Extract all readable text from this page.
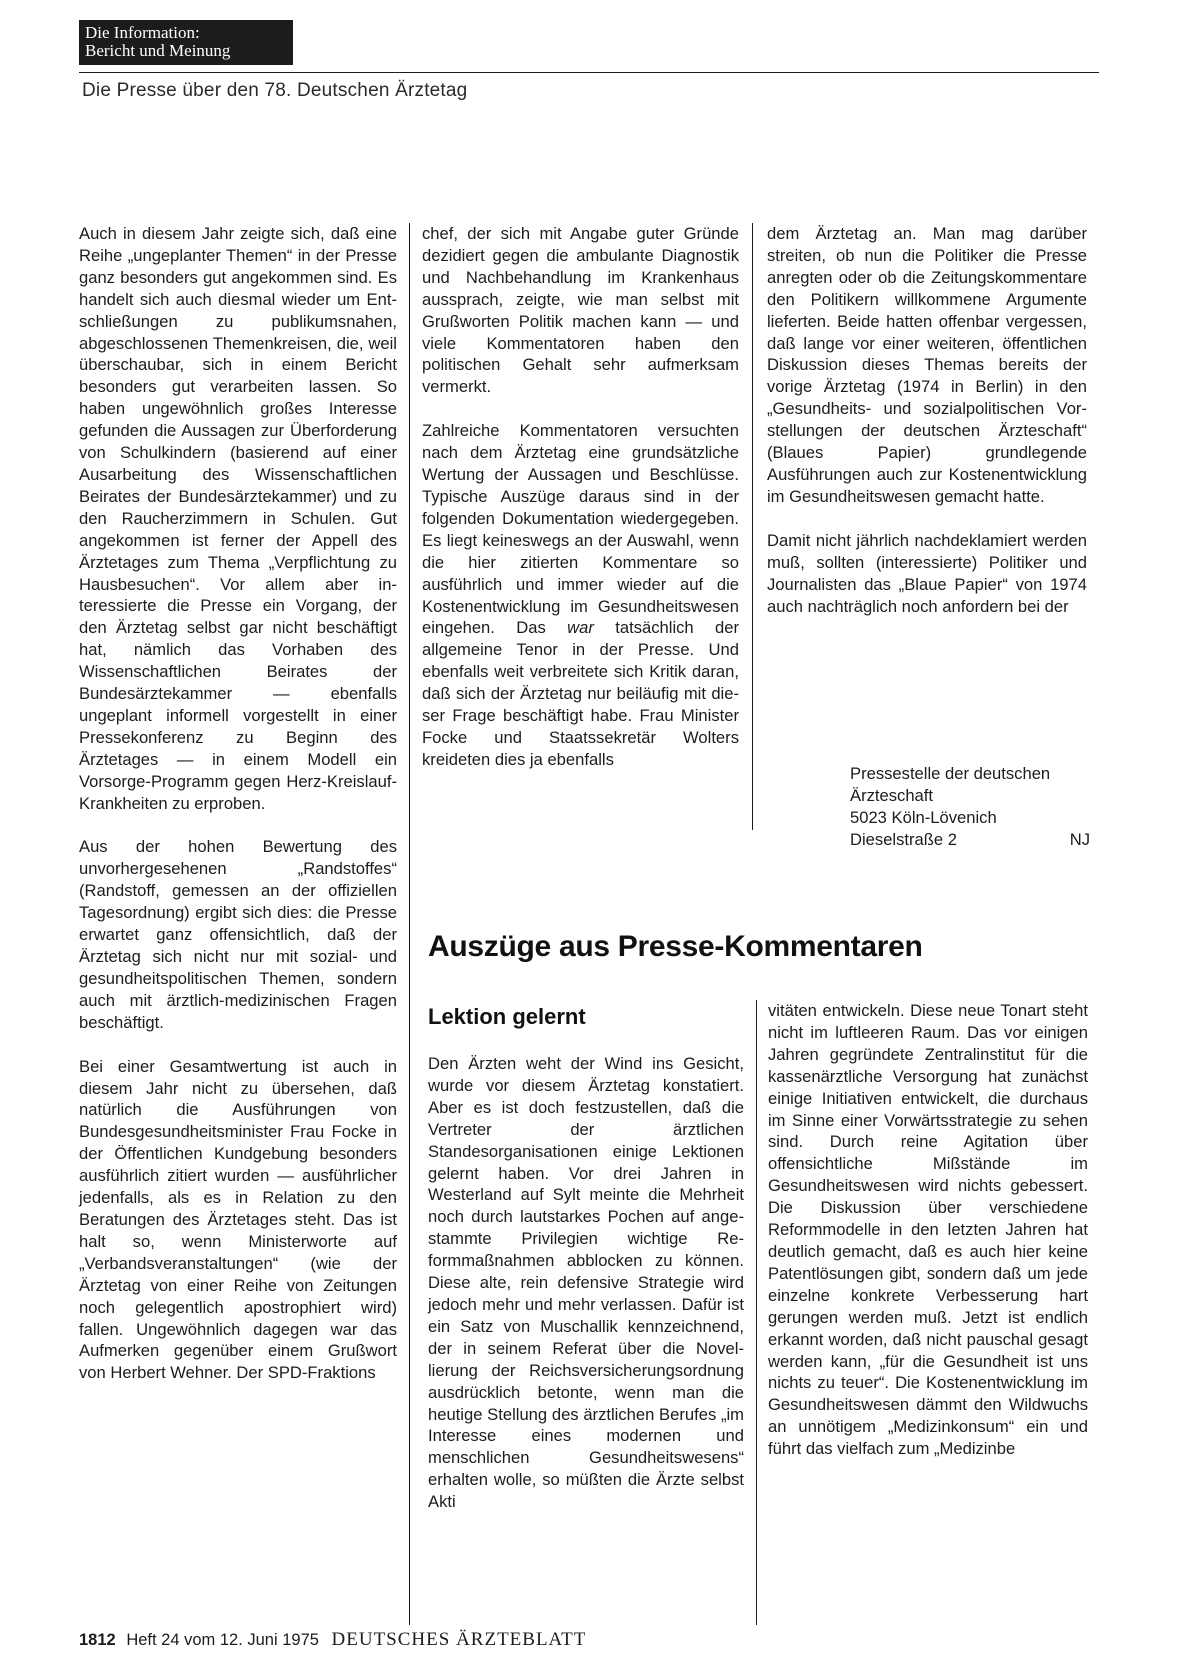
Die Information:
Bericht und Meinung
Die Presse über den 78. Deutschen Ärztetag

Auch in diesem Jahr zeigte sich, daß eine Reihe „ungeplanter Themen“ in der Presse ganz besonders gut angekommen sind. Es handelt sich auch diesmal wieder um Entschließungen zu publikumsnahen, abgeschlossenen Themenkreisen, die, weil überschaubar, sich in einem Bericht besonders gut verarbeiten lassen. So haben ungewöhnlich großes Interesse gefunden die Aussagen zur Überforderung von Schulkindern (basierend auf einer Ausarbeitung des Wissenschaftlichen Beirates der Bundesärztekammer) und zu den Raucherzimmern in Schulen. Gut angekommen ist ferner der Appell des Ärztetages zum Thema „Verpflichtung zu Hausbesuchen“. Vor allem aber interessierte die Presse ein Vorgang, der den Ärztetag selbst gar nicht beschäftigt hat, nämlich das Vorhaben des Wissenschaftlichen Beirates der Bundesärztekammer — ebenfalls ungeplant informell vorgestellt in einer Pressekonferenz zu Beginn des Ärztetages — in einem Modell ein Vorsorge-Programm gegen Herz-Kreislauf-Krankheiten zu erproben.

Aus der hohen Bewertung des unvorhergesehenen „Randstoffes“ (Randstoff, gemessen an der offiziellen Tagesordnung) ergibt sich dies: die Presse erwartet ganz offensichtlich, daß der Ärztetag sich nicht nur mit sozial- und gesundheitspolitischen Themen, sondern auch mit ärztlich-medizinischen Fragen beschäftigt.

Bei einer Gesamtwertung ist auch in diesem Jahr nicht zu übersehen, daß natürlich die Ausführungen von Bundesgesundheitsminister Frau Focke in der Öffentlichen Kundgebung besonders ausführlich zitiert wurden — ausführlicher jedenfalls, als es in Relation zu den Beratungen des Ärztetages steht. Das ist halt so, wenn Ministerworte auf „Verbandsveranstaltungen“ (wie der Ärztetag von einer Reihe von Zeitungen noch gelegentlich apostrophiert wird) fallen. Ungewöhnlich dagegen war das Aufmerken gegenüber einem Grußwort von Herbert Wehner. Der SPD-Fraktions

chef, der sich mit Angabe guter Gründe dezidiert gegen die ambulante Diagnostik und Nachbehandlung im Krankenhaus aussprach, zeigte, wie man selbst mit Grußworten Politik machen kann — und viele Kommentatoren haben den politischen Gehalt sehr aufmerksam vermerkt.

Zahlreiche Kommentatoren versuchten nach dem Ärztetag eine grundsätzliche Wertung der Aussagen und Beschlüsse. Typische Auszüge daraus sind in der folgenden Dokumentation wiedergegeben. Es liegt keineswegs an der Auswahl, wenn die hier zitierten Kommentare so ausführlich und immer wieder auf die Kostenentwicklung im Gesundheitswesen eingehen. Das war tatsächlich der allgemeine Tenor in der Presse. Und ebenfalls weit verbreitete sich Kritik daran, daß sich der Ärztetag nur beiläufig mit dieser Frage beschäftigt habe. Frau Minister Focke und Staatssekretär Wolters kreideten dies ja ebenfalls

dem Ärztetag an. Man mag darüber streiten, ob nun die Politiker die Presse anregten oder ob die Zeitungskommentare den Politikern willkommene Argumente lieferten. Beide hatten offenbar vergessen, daß lange vor einer weiteren, öffentlichen Diskussion dieses Themas bereits der vorige Ärztetag (1974 in Berlin) in den „Gesundheits- und sozialpolitischen Vorstellungen der deutschen Ärzteschaft“ (Blaues Papier) grundlegende Ausführungen auch zur Kostenentwicklung im Gesundheitswesen gemacht hatte.

Damit nicht jährlich nachdeklamiert werden muß, sollten (interessierte) Politiker und Journalisten das „Blaue Papier“ von 1974 auch nachträglich noch anfordern bei der

Pressestelle der deutschen
Ärzteschaft
5023 Köln-Lövenich
Dieselstraße 2	NJ
Auszüge aus Presse-Kommentaren
Lektion gelernt

Den Ärzten weht der Wind ins Gesicht, wurde vor diesem Ärztetag konstatiert. Aber es ist doch festzustellen, daß die Vertreter der ärztlichen Standesorganisationen einige Lektionen gelernt haben. Vor drei Jahren in Westerland auf Sylt meinte die Mehrheit noch durch lautstarkes Pochen auf angestammte Privilegien wichtige Reformmaßnahmen abblocken zu können. Diese alte, rein defensive Strategie wird jedoch mehr und mehr verlassen. Dafür ist ein Satz von Muschallik kennzeichnend, der in seinem Referat über die Novellierung der Reichsversicherungsordnung ausdrücklich betonte, wenn man die heutige Stellung des ärztlichen Berufes „im Interesse eines modernen und menschlichen Gesundheitswesens“ erhalten wolle, so müßten die Ärzte selbst Akti

vitäten entwickeln. Diese neue Tonart steht nicht im luftleeren Raum. Das vor einigen Jahren gegründete Zentralinstitut für die kassenärztliche Versorgung hat zunächst einige Initiativen entwickelt, die durchaus im Sinne einer Vorwärtsstrategie zu sehen sind. Durch reine Agitation über offensichtliche Mißstände im Gesundheitswesen wird nichts gebessert. Die Diskussion über verschiedene Reformmodelle in den letzten Jahren hat deutlich gemacht, daß es auch hier keine Patentlösungen gibt, sondern daß um jede einzelne konkrete Verbesserung hart gerungen werden muß. Jetzt ist endlich erkannt worden, daß nicht pauschal gesagt werden kann, „für die Gesundheit ist uns nichts zu teuer“. Die Kostenentwicklung im Gesundheitswesen dämmt den Wildwuchs an unnötigem „Medizinkonsum“ ein und führt das vielfach zum „Medizinbe

1812 Heft 24 vom 12. Juni 1975 DEUTSCHES ÄRZTEBLATT
